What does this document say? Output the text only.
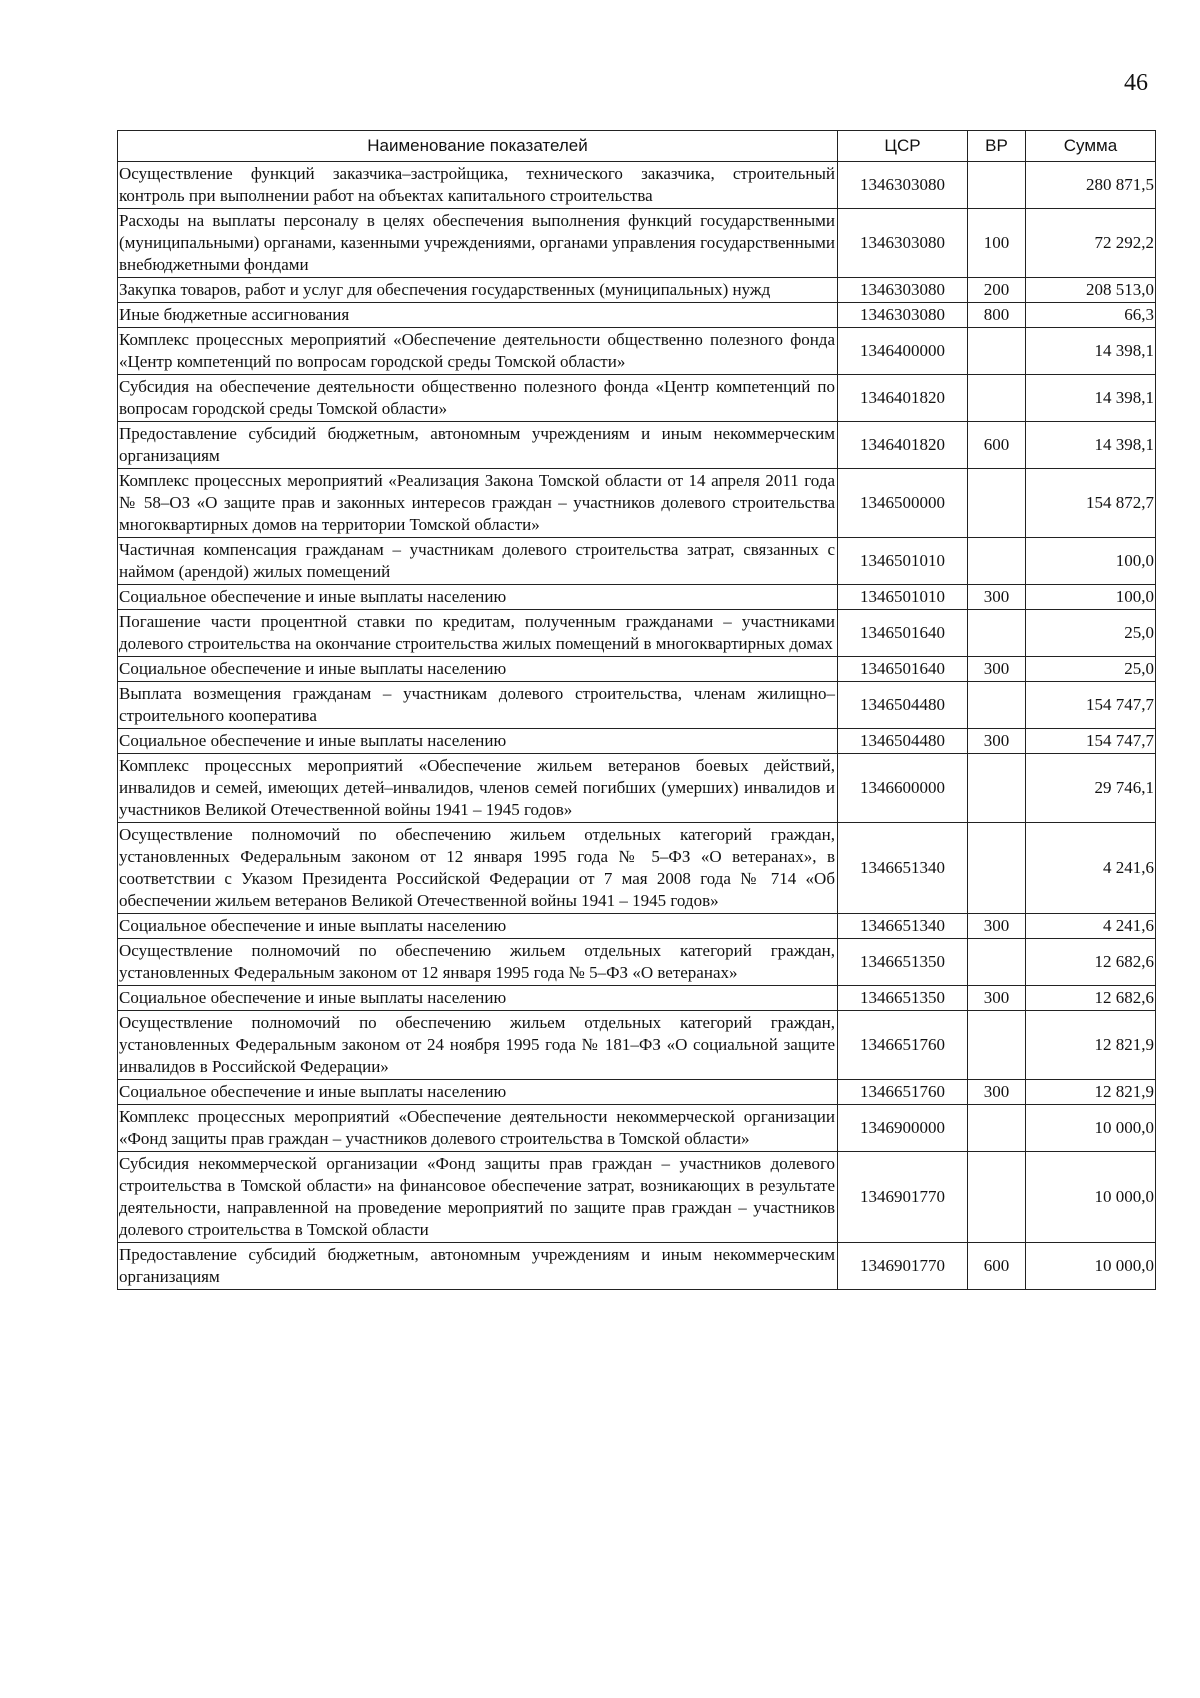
46
Наименование показателей	ЦСР	ВР	Сумма
Осуществление функций заказчика–застройщика, технического заказчика, строительный контроль при выполнении работ на объектах капитального строительства	1346303080		280 871,5
Расходы на выплаты персоналу в целях обеспечения выполнения функций государственными (муниципальными) органами, казенными учреждениями, органами управления государственными внебюджетными фондами	1346303080	100	72 292,2
Закупка товаров, работ и услуг для обеспечения государственных (муниципальных) нужд	1346303080	200	208 513,0
Иные бюджетные ассигнования	1346303080	800	66,3
Комплекс процессных мероприятий «Обеспечение деятельности общественно полезного фонда «Центр компетенций по вопросам городской среды Томской области»	1346400000		14 398,1
Субсидия на обеспечение деятельности общественно полезного фонда «Центр компетенций по вопросам городской среды Томской области»	1346401820		14 398,1
Предоставление субсидий бюджетным, автономным учреждениям и иным некоммерческим организациям	1346401820	600	14 398,1
Комплекс процессных мероприятий «Реализация Закона Томской области от 14 апреля 2011 года № 58–ОЗ «О защите прав и законных интересов граждан – участников долевого строительства многоквартирных домов на территории Томской области»	1346500000		154 872,7
Частичная компенсация гражданам – участникам долевого строительства затрат, связанных с наймом (арендой) жилых помещений	1346501010		100,0
Социальное обеспечение и иные выплаты населению	1346501010	300	100,0
Погашение части процентной ставки по кредитам, полученным гражданами – участниками долевого строительства на окончание строительства жилых помещений в многоквартирных домах	1346501640		25,0
Социальное обеспечение и иные выплаты населению	1346501640	300	25,0
Выплата возмещения гражданам – участникам долевого строительства, членам жилищно–строительного кооператива	1346504480		154 747,7
Социальное обеспечение и иные выплаты населению	1346504480	300	154 747,7
Комплекс процессных мероприятий «Обеспечение жильем ветеранов боевых действий, инвалидов и семей, имеющих детей–инвалидов, членов семей погибших (умерших) инвалидов и участников Великой Отечественной войны 1941 – 1945 годов»	1346600000		29 746,1
Осуществление полномочий по обеспечению жильем отдельных категорий граждан, установленных Федеральным законом от 12 января 1995 года № 5–ФЗ «О ветеранах», в соответствии с Указом Президента Российской Федерации от 7 мая 2008 года № 714 «Об обеспечении жильем ветеранов Великой Отечественной войны 1941 – 1945 годов»	1346651340		4 241,6
Социальное обеспечение и иные выплаты населению	1346651340	300	4 241,6
Осуществление полномочий по обеспечению жильем отдельных категорий граждан, установленных Федеральным законом от 12 января 1995 года № 5–ФЗ «О ветеранах»	1346651350		12 682,6
Социальное обеспечение и иные выплаты населению	1346651350	300	12 682,6
Осуществление полномочий по обеспечению жильем отдельных категорий граждан, установленных Федеральным законом от 24 ноября 1995 года № 181–ФЗ «О социальной защите инвалидов в Российской Федерации»	1346651760		12 821,9
Социальное обеспечение и иные выплаты населению	1346651760	300	12 821,9
Комплекс процессных мероприятий «Обеспечение деятельности некоммерческой организации «Фонд защиты прав граждан – участников долевого строительства в Томской области»	1346900000		10 000,0
Субсидия некоммерческой организации «Фонд защиты прав граждан – участников долевого строительства в Томской области» на финансовое обеспечение затрат, возникающих в результате деятельности, направленной на проведение мероприятий по защите прав граждан – участников долевого строительства в Томской области	1346901770		10 000,0
Предоставление субсидий бюджетным, автономным учреждениям и иным некоммерческим организациям	1346901770	600	10 000,0
